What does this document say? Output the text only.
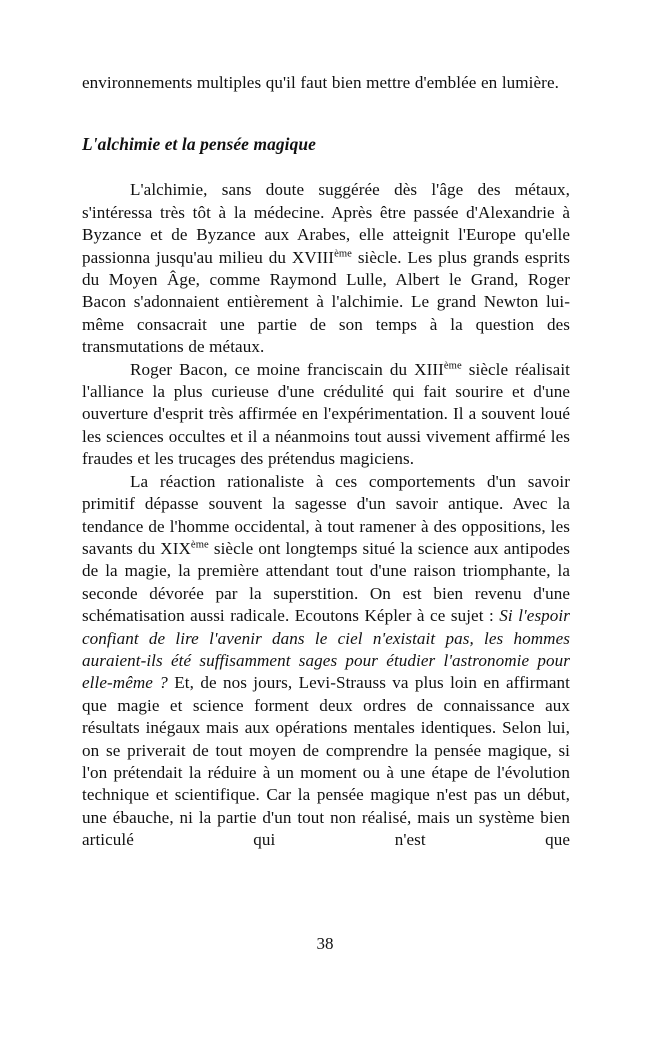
environnements multiples qu'il faut bien mettre d'emblée en lumière.

L'alchimie et la pensée magique

L'alchimie, sans doute suggérée dès l'âge des métaux, s'intéressa très tôt à la médecine. Après être passée d'Alexandrie à Byzance et de Byzance aux Arabes, elle atteignit l'Europe qu'elle passionna jusqu'au milieu du XVIIIème siècle. Les plus grands esprits du Moyen Âge, comme Raymond Lulle, Albert le Grand, Roger Bacon s'adonnaient entièrement à l'alchimie. Le grand Newton lui-même consacrait une partie de son temps à la question des transmutations de métaux.

Roger Bacon, ce moine franciscain du XIIIème siècle réalisait l'alliance la plus curieuse d'une crédulité qui fait sourire et d'une ouverture d'esprit très affirmée en l'expérimentation. Il a souvent loué les sciences occultes et il a néanmoins tout aussi vivement affirmé les fraudes et les trucages des prétendus magiciens.

La réaction rationaliste à ces comportements d'un savoir primitif dépasse souvent la sagesse d'un savoir antique. Avec la tendance de l'homme occidental, à tout ramener à des oppositions, les savants du XIXème siècle ont longtemps situé la science aux antipodes de la magie, la première attendant tout d'une raison triomphante, la seconde dévorée par la superstition. On est bien revenu d'une schématisation aussi radicale. Ecoutons Képler à ce sujet : Si l'espoir confiant de lire l'avenir dans le ciel n'existait pas, les hommes auraient-ils été suffisamment sages pour étudier l'astronomie pour elle-même ? Et, de nos jours, Levi-Strauss va plus loin en affirmant que magie et science forment deux ordres de connaissance aux résultats inégaux mais aux opérations mentales identiques. Selon lui, on se priverait de tout moyen de comprendre la pensée magique, si l'on prétendait la réduire à un moment ou à une étape de l'évolution technique et scientifique. Car la pensée magique n'est pas un début, une ébauche, ni la partie d'un tout non réalisé, mais un système bien articulé qui n'est que

38
